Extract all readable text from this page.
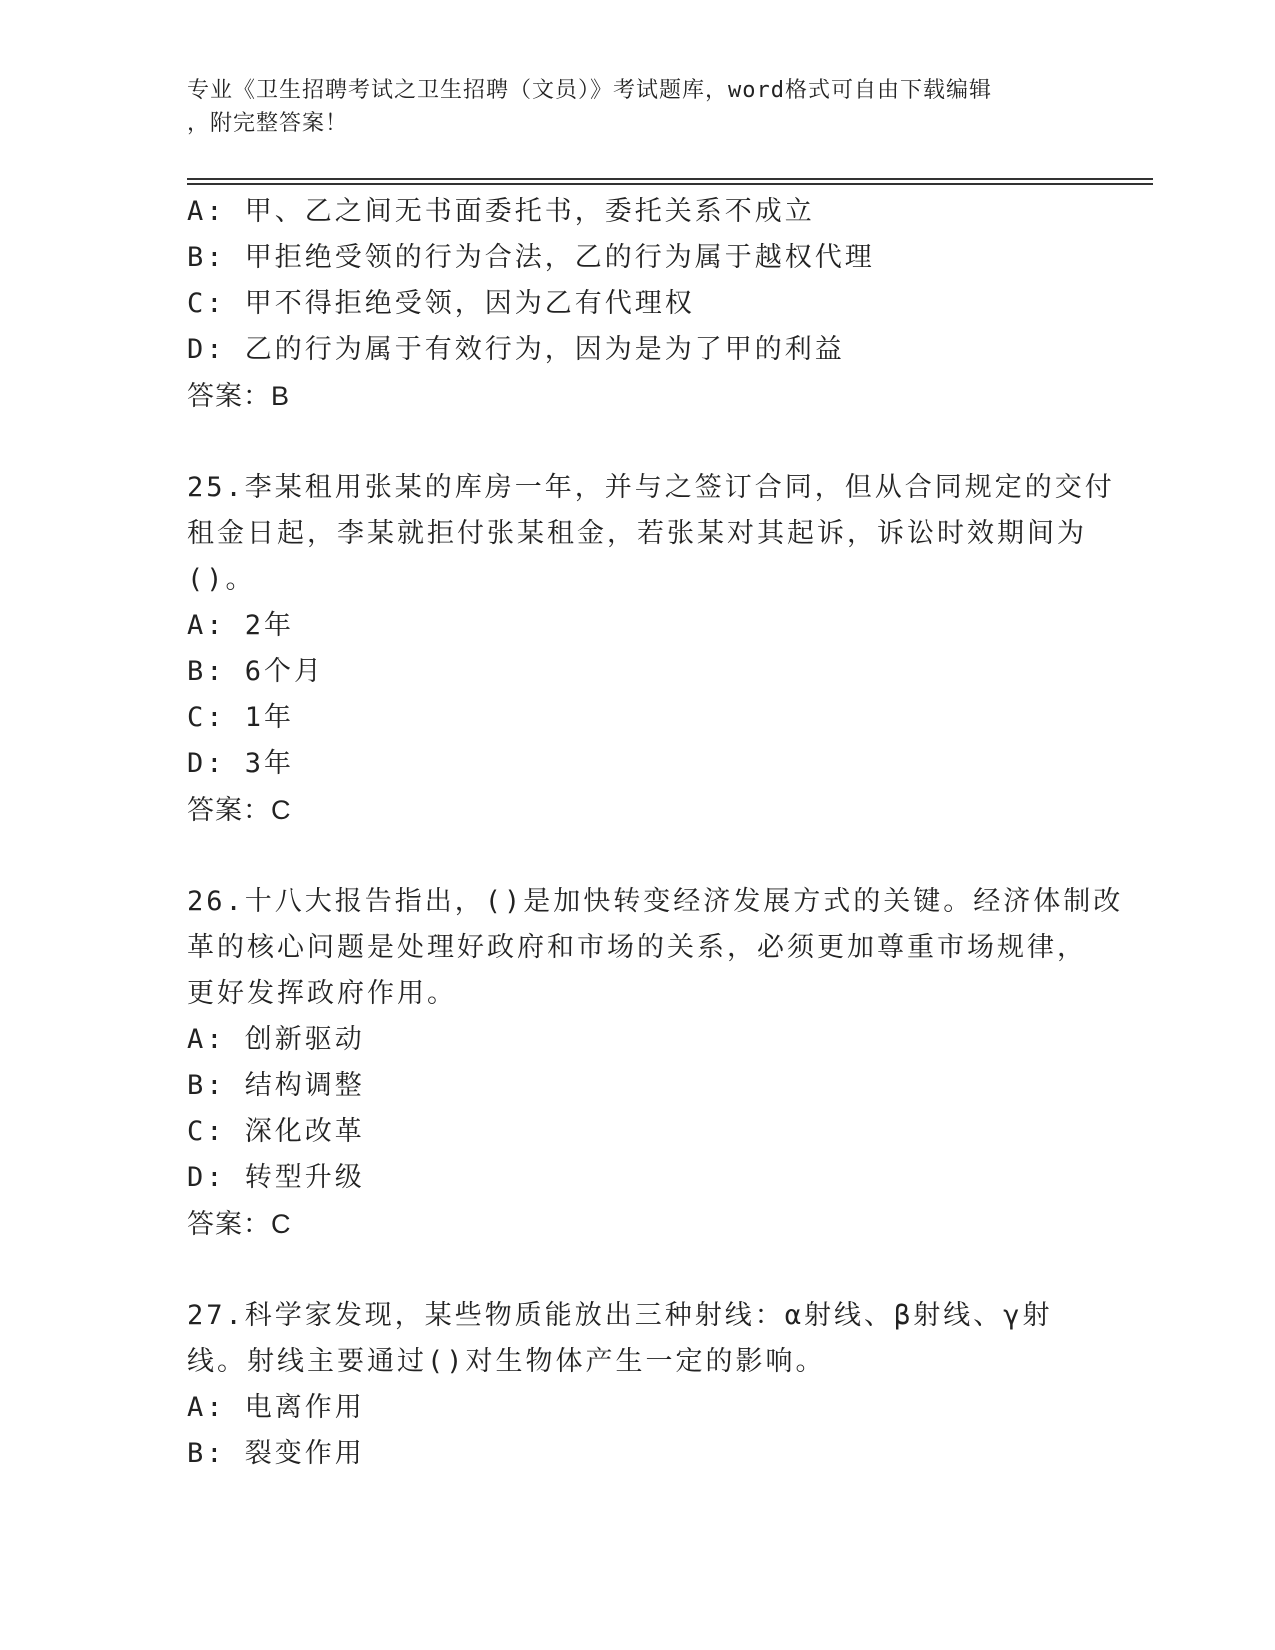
专业《卫生招聘考试之卫生招聘（文员）》考试题库，word格式可自由下载编辑
，附完整答案！
A: 甲、乙之间无书面委托书，委托关系不成立
B: 甲拒绝受领的行为合法，乙的行为属于越权代理
C: 甲不得拒绝受领，因为乙有代理权
D: 乙的行为属于有效行为，因为是为了甲的利益
答案：B
25.李某租用张某的库房一年，并与之签订合同，但从合同规定的交付
租金日起，李某就拒付张某租金，若张某对其起诉，诉讼时效期间为
()。
A: 2年
B: 6个月
C: 1年
D: 3年
答案：C
26.十八大报告指出，()是加快转变经济发展方式的关键。经济体制改
革的核心问题是处理好政府和市场的关系，必须更加尊重市场规律，
更好发挥政府作用。
A: 创新驱动
B: 结构调整
C: 深化改革
D: 转型升级
答案：C
27.科学家发现，某些物质能放出三种射线：α射线、β射线、γ射
线。射线主要通过()对生物体产生一定的影响。
A: 电离作用
B: 裂变作用
